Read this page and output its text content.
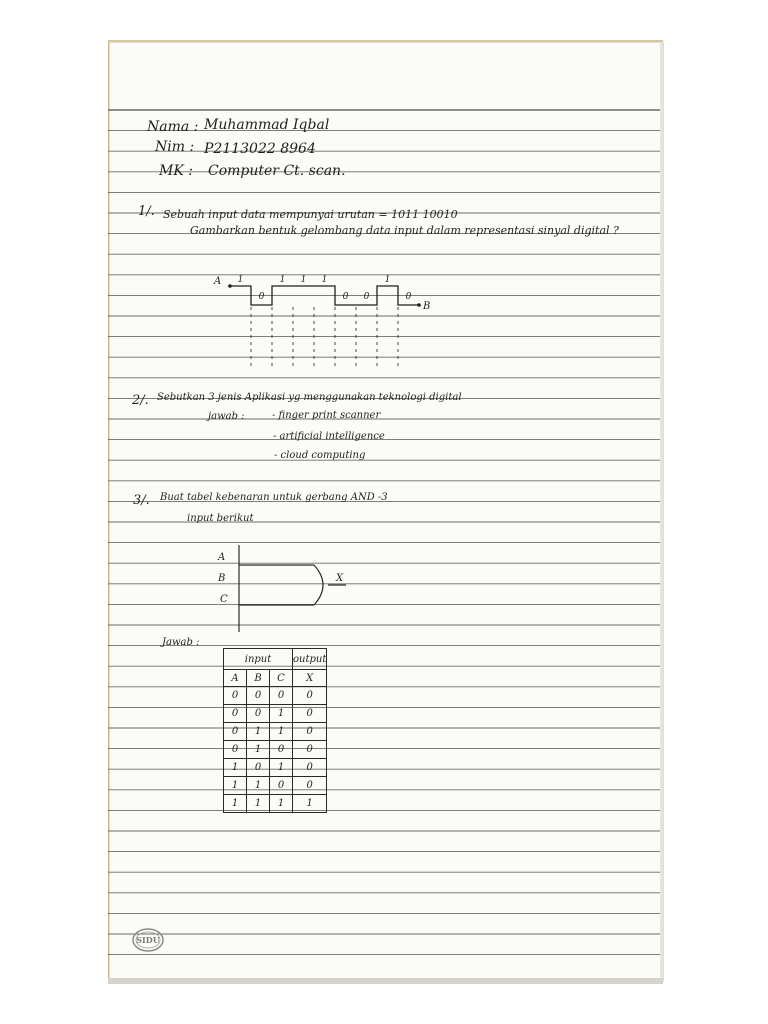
Nama : Muhammad Iqbal
Nim : P2113022 8964
MK : Computer Ct. scan.
1/. Sebuah input data mempunyai urutan = 1011 10010
Gambarkan bentuk gelombang data input dalam representasi sinyal digital ?
1
0
1 1 1
0 0
1
0
A
B
2/. Sebutkan 3 jenis Aplikasi yg menggunakan teknologi digital
jawab :	- finger print scanner
- artificial intelligence
- cloud computing
3/. Buat tabel kebenaran untuk gerbang AND -3
input berikut
A
B
C
X
Jawab :
input			output
A	B	C	X
0	0	0	0
0	0	1	0
0	1	1	0
0	1	0	0
1	0	1	0
1	1	0	0
1	1	1	1
SIDU
